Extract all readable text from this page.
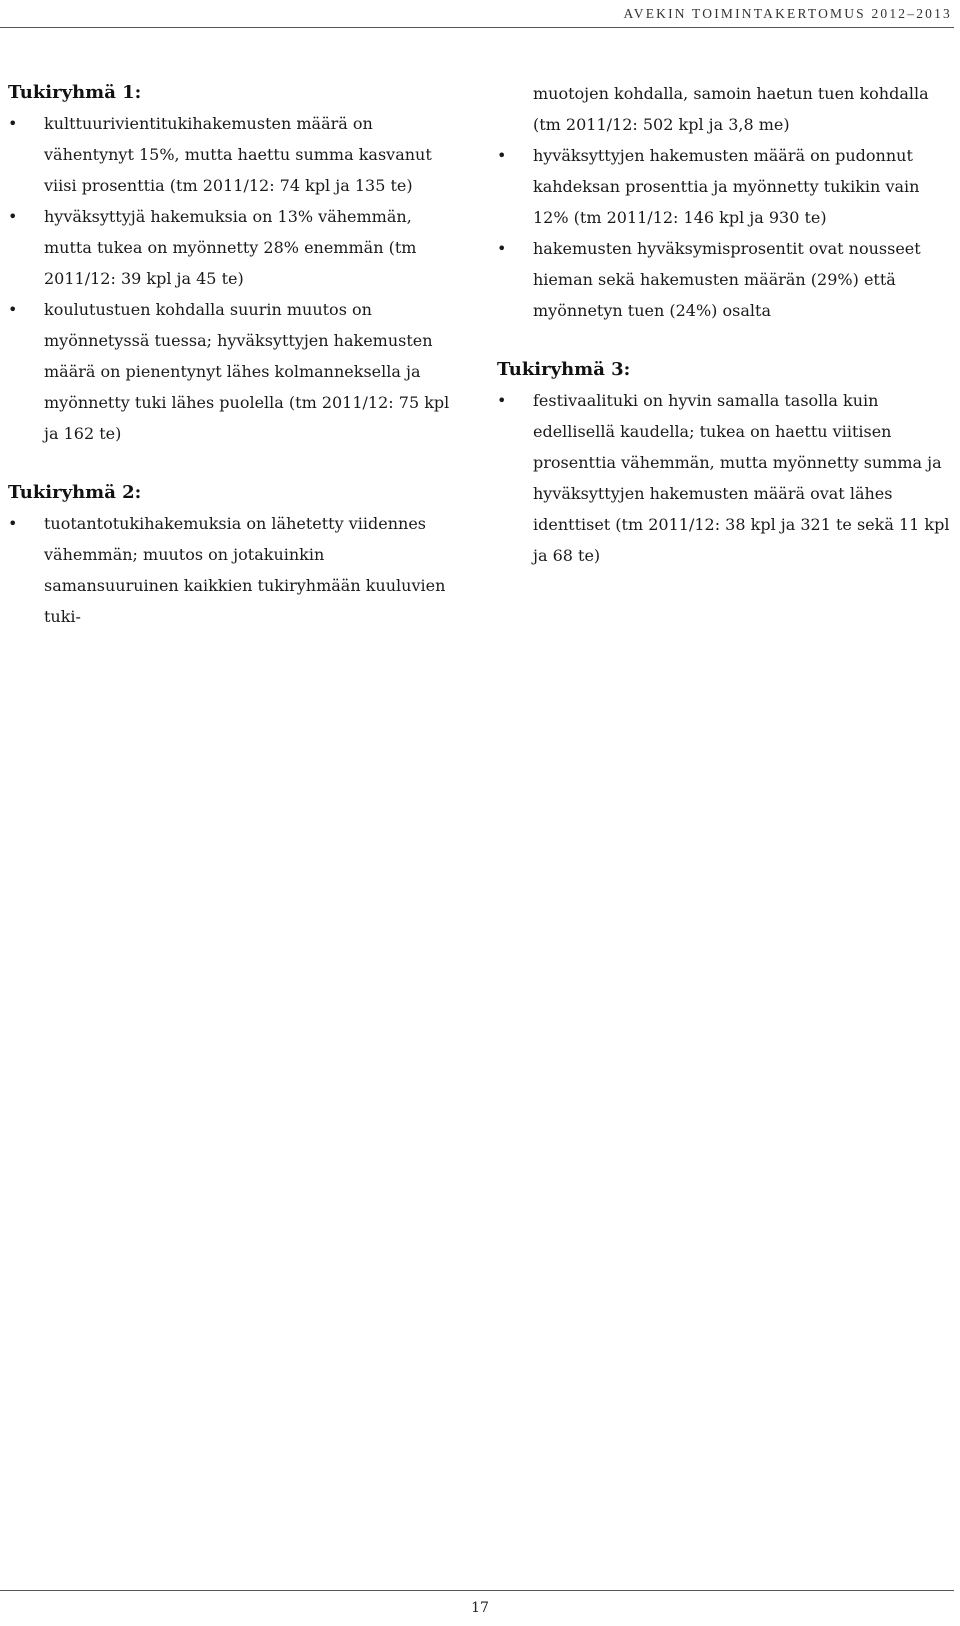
AVEKIN TOIMINTAKERTOMUS 2012–2013
Tukiryhmä 1:
• kulttuurivientitukihakemusten määrä on vähentynyt 15%, mutta haettu summa kasvanut viisi prosenttia (tm 2011/12: 74 kpl ja 135 te)
• hyväksyttyjä hakemuksia on 13% vähemmän, mutta tukea on myönnetty 28% enemmän (tm 2011/12: 39 kpl ja 45 te)
• koulutustuen kohdalla suurin muutos on myönnetyssä tuessa; hyväksyttyjen hakemusten määrä on pienentynyt lähes kolmanneksella ja myönnetty tuki lähes puolella (tm 2011/12: 75 kpl ja 162 te)
Tukiryhmä 2:
• tuotantotukihakemuksia on lähetetty viidennes vähemmän; muutos on jotakuinkin samansuuruinen kaikkien tukiryhmään kuuluvien tuki-

muotojen kohdalla, samoin haetun tuen kohdalla (tm 2011/12: 502 kpl ja 3,8 me)

• hyväksyttyjen hakemusten määrä on pudonnut kahdeksan prosenttia ja myönnetty tukikin vain 12% (tm 2011/12: 146 kpl ja 930 te)
• hakemusten hyväksymisprosentit ovat nousseet hieman sekä hakemusten määrän (29%) että myönnetyn tuen (24%) osalta
Tukiryhmä 3:
• festivaalituki on hyvin samalla tasolla kuin edellisellä kaudella; tukea on haettu viitisen prosenttia vähemmän, mutta myönnetty summa ja hyväksyttyjen hakemusten määrä ovat lähes identtiset (tm 2011/12: 38 kpl ja 321 te sekä 11 kpl ja 68 te)
17
